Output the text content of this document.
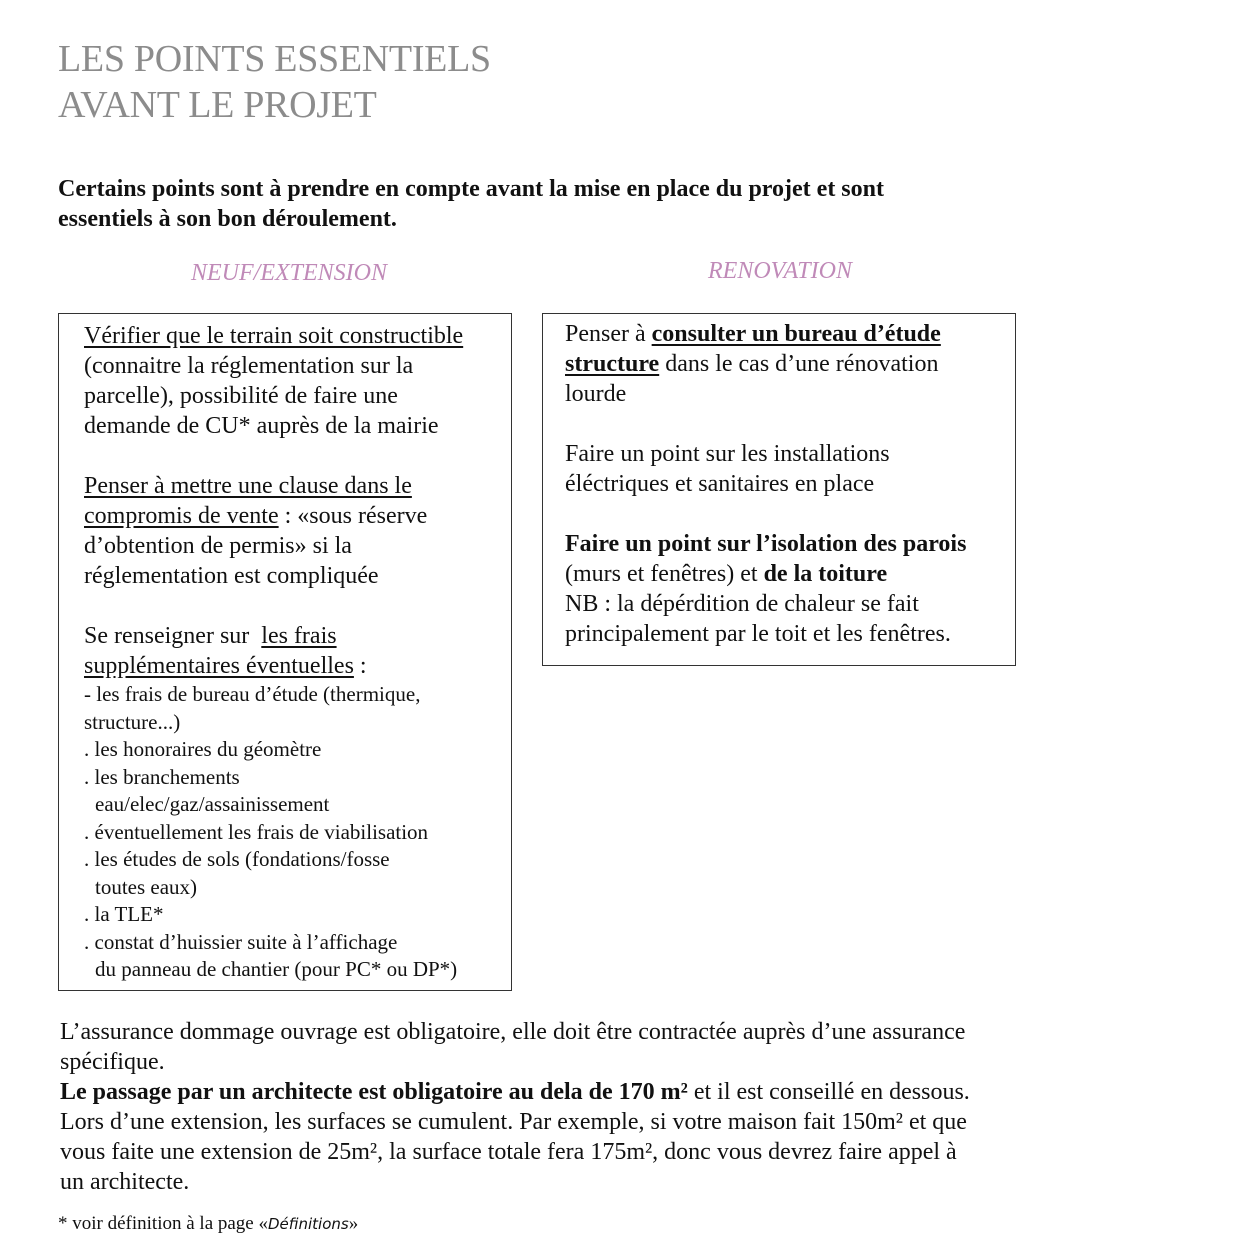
LES POINTS ESSENTIELS
AVANT LE PROJET
Certains points sont à prendre en compte avant la mise en place du projet et sont
essentiels à son bon déroulement.
NEUF/EXTENSION	RENOVATION
Vérifier que le terrain soit constructible
(connaitre la réglementation sur la
parcelle), possibilité de faire une
demande de CU* auprès de la mairie
Penser à mettre une clause dans le
compromis de vente : «sous réserve
d’obtention de permis» si la
réglementation est compliquée
Se renseigner sur  les frais
supplémentaires éventuelles :
- les frais de bureau d’étude (thermique,
structure...)
. les honoraires du géomètre
. les branchements
eau/elec/gaz/assainissement
. éventuellement les frais de viabilisation
. les études de sols (fondations/fosse
toutes eaux)
. la TLE*
. constat d’huissier suite à l’affichage
du panneau de chantier (pour PC* ou DP*)
Penser à consulter un bureau d’étude
structure dans le cas d’une rénovation
lourde
Faire un point sur les installations
éléctriques et sanitaires en place
Faire un point sur l’isolation des parois
(murs et fenêtres) et de la toiture
NB : la dépérdition de chaleur se fait
principalement par le toit et les fenêtres.
L’assurance dommage ouvrage est obligatoire, elle doit être contractée auprès d’une assurance
spécifique.
Le passage par un architecte est obligatoire au dela de 170 m² et il est conseillé en dessous.
Lors d’une extension, les surfaces se cumulent. Par exemple, si votre maison fait 150m² et que
vous faite une extension de 25m², la surface totale fera 175m², donc vous devrez faire appel à
un architecte.
* voir définition à la page «Définitions»
